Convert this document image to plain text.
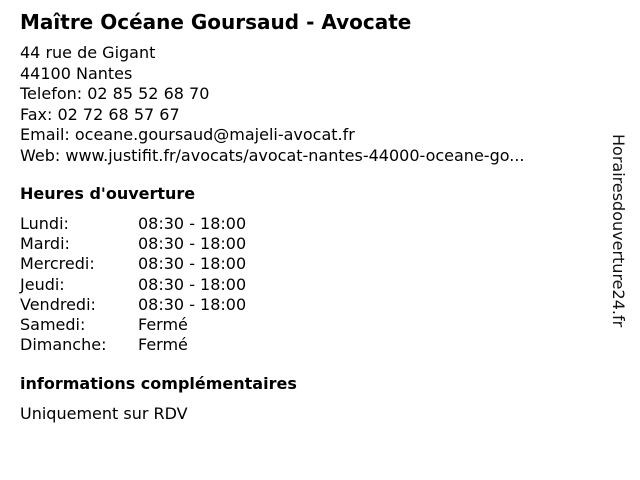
Maître Océane Goursaud - Avocate
44 rue de Gigant
44100 Nantes
Telefon: 02 85 52 68 70
Fax: 02 72 68 57 67
Email: oceane.goursaud@majeli-avocat.fr
Web: www.justifit.fr/avocats/avocat-nantes-44000-oceane-go...
Heures d'ouverture
Lundi:	08:30 - 18:00
Mardi:	08:30 - 18:00
Mercredi:	08:30 - 18:00
Jeudi:	08:30 - 18:00
Vendredi:	08:30 - 18:00
Samedi:	Fermé
Dimanche:	Fermé
informations complémentaires
Uniquement sur RDV
Horairesdouverture24.fr
